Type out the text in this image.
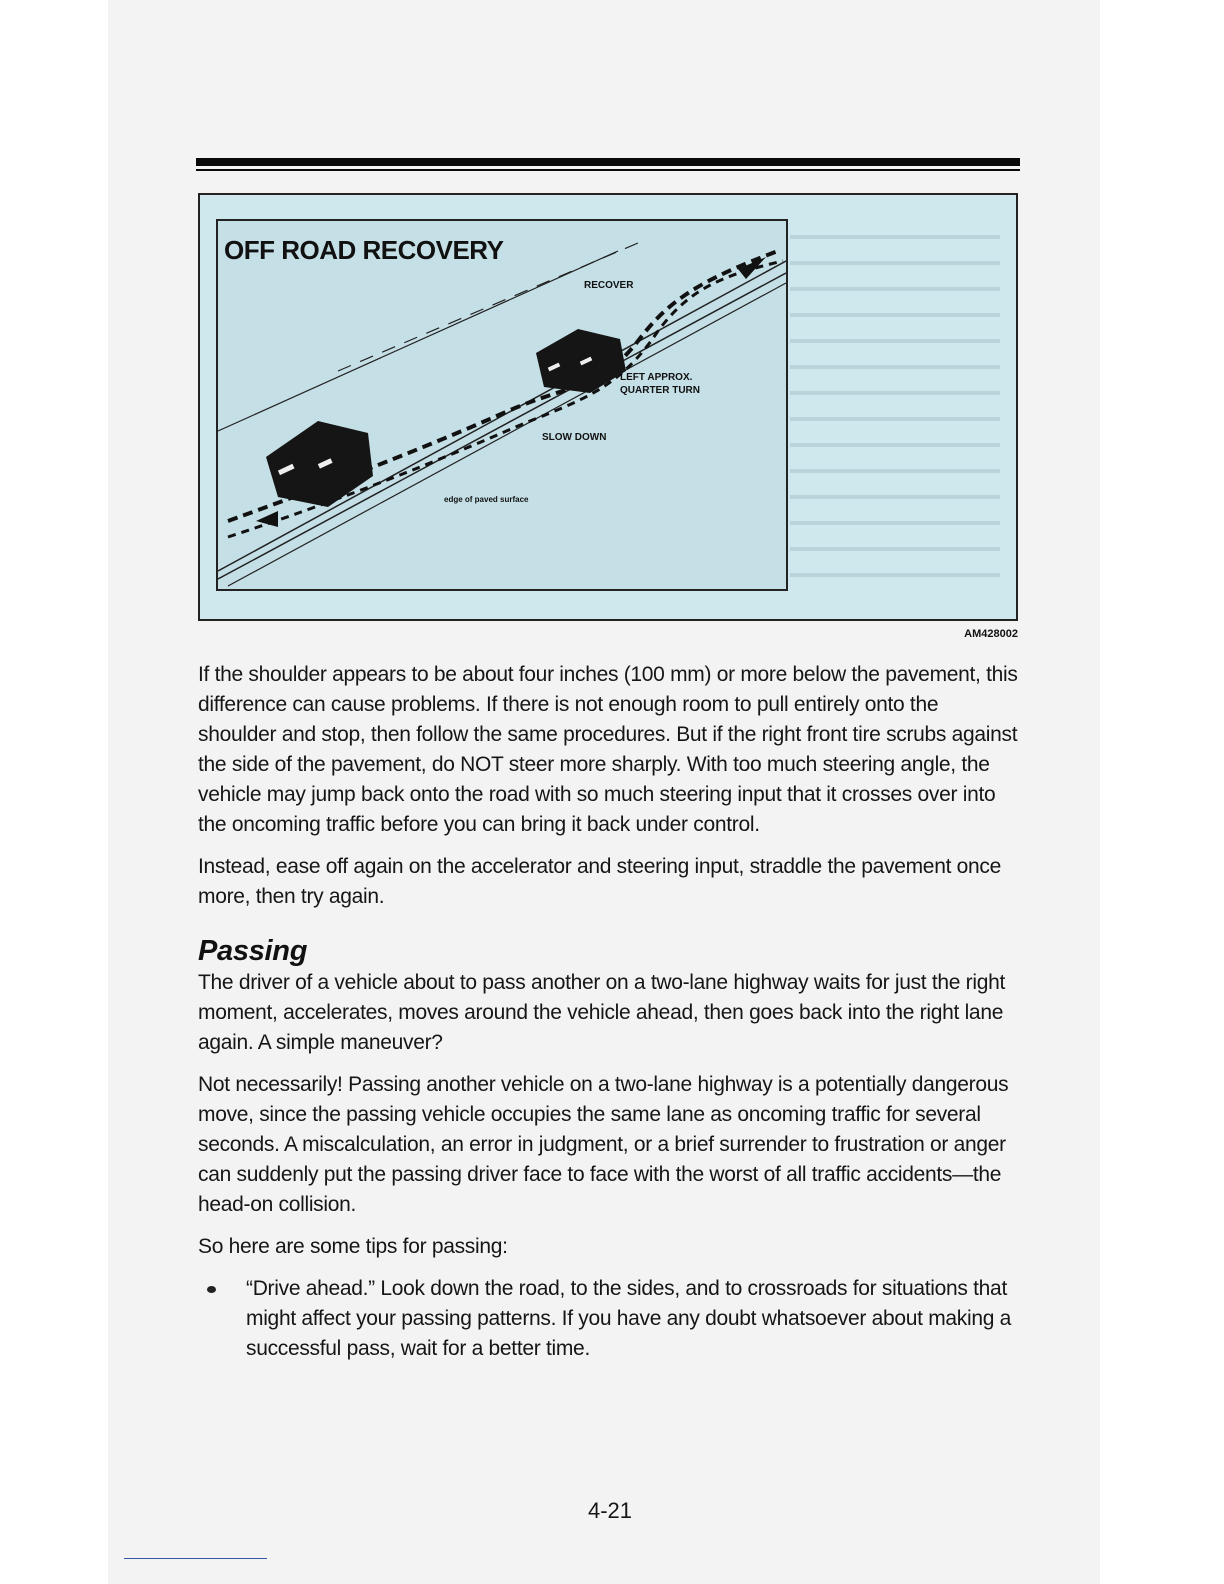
OFF ROAD RECOVERY
RECOVER
LEFT APPROX.
QUARTER TURN
SLOW DOWN
edge of paved surface
AM428002

If the shoulder appears to be about four inches (100 mm) or more below the pavement, this difference can cause problems. If there is not enough room to pull entirely onto the shoulder and stop, then follow the same procedures. But if the right front tire scrubs against the side of the pavement, do NOT steer more sharply. With too much steering angle, the vehicle may jump back onto the road with so much steering input that it crosses over into the oncoming traffic before you can bring it back under control.

Instead, ease off again on the accelerator and steering input, straddle the pavement once more, then try again.

Passing

The driver of a vehicle about to pass another on a two-lane highway waits for just the right moment, accelerates, moves around the vehicle ahead, then goes back into the right lane again. A simple maneuver?

Not necessarily! Passing another vehicle on a two-lane highway is a potentially dangerous move, since the passing vehicle occupies the same lane as oncoming traffic for several seconds. A miscalculation, an error in judgment, or a brief surrender to frustration or anger can suddenly put the passing driver face to face with the worst of all traffic accidents—the head-on collision.

So here are some tips for passing:

“Drive ahead.” Look down the road, to the sides, and to crossroads for situations that might affect your passing patterns. If you have any doubt whatsoever about making a successful pass, wait for a better time.
4-21
